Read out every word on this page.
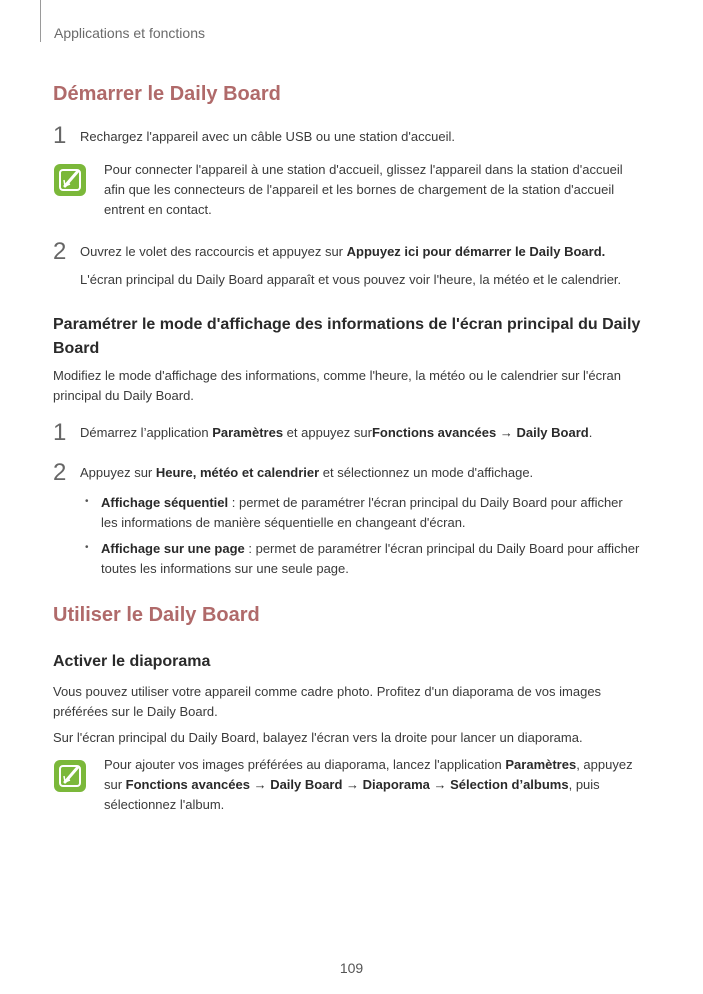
Applications et fonctions
Démarrer le Daily Board
1 Rechargez l'appareil avec un câble USB ou une station d'accueil.
Pour connecter l'appareil à une station d'accueil, glissez l'appareil dans la station d'accueil
afin que les connecteurs de l'appareil et les bornes de chargement de la station d'accueil
entrent en contact.
2 Ouvrez le volet des raccourcis et appuyez sur Appuyez ici pour démarrer le Daily Board.
L'écran principal du Daily Board apparaît et vous pouvez voir l'heure, la météo et le calendrier.
Paramétrer le mode d'affichage des informations de l'écran principal du Daily
Board
Modifiez le mode d'affichage des informations, comme l'heure, la météo ou le calendrier sur l'écran
principal du Daily Board.
1 Démarrez l’application Paramètres et appuyez surFonctions avancées → Daily Board.
2 Appuyez sur Heure, météo et calendrier et sélectionnez un mode d'affichage.
• Affichage séquentiel : permet de paramétrer l'écran principal du Daily Board pour afficher
les informations de manière séquentielle en changeant d'écran.
• Affichage sur une page : permet de paramétrer l'écran principal du Daily Board pour afficher
toutes les informations sur une seule page.
Utiliser le Daily Board
Activer le diaporama
Vous pouvez utiliser votre appareil comme cadre photo. Profitez d'un diaporama de vos images
préférées sur le Daily Board.
Sur l'écran principal du Daily Board, balayez l'écran vers la droite pour lancer un diaporama.
Pour ajouter vos images préférées au diaporama, lancez l'application Paramètres, appuyez
sur Fonctions avancées → Daily Board → Diaporama → Sélection d’albums, puis
sélectionnez l'album.
109
